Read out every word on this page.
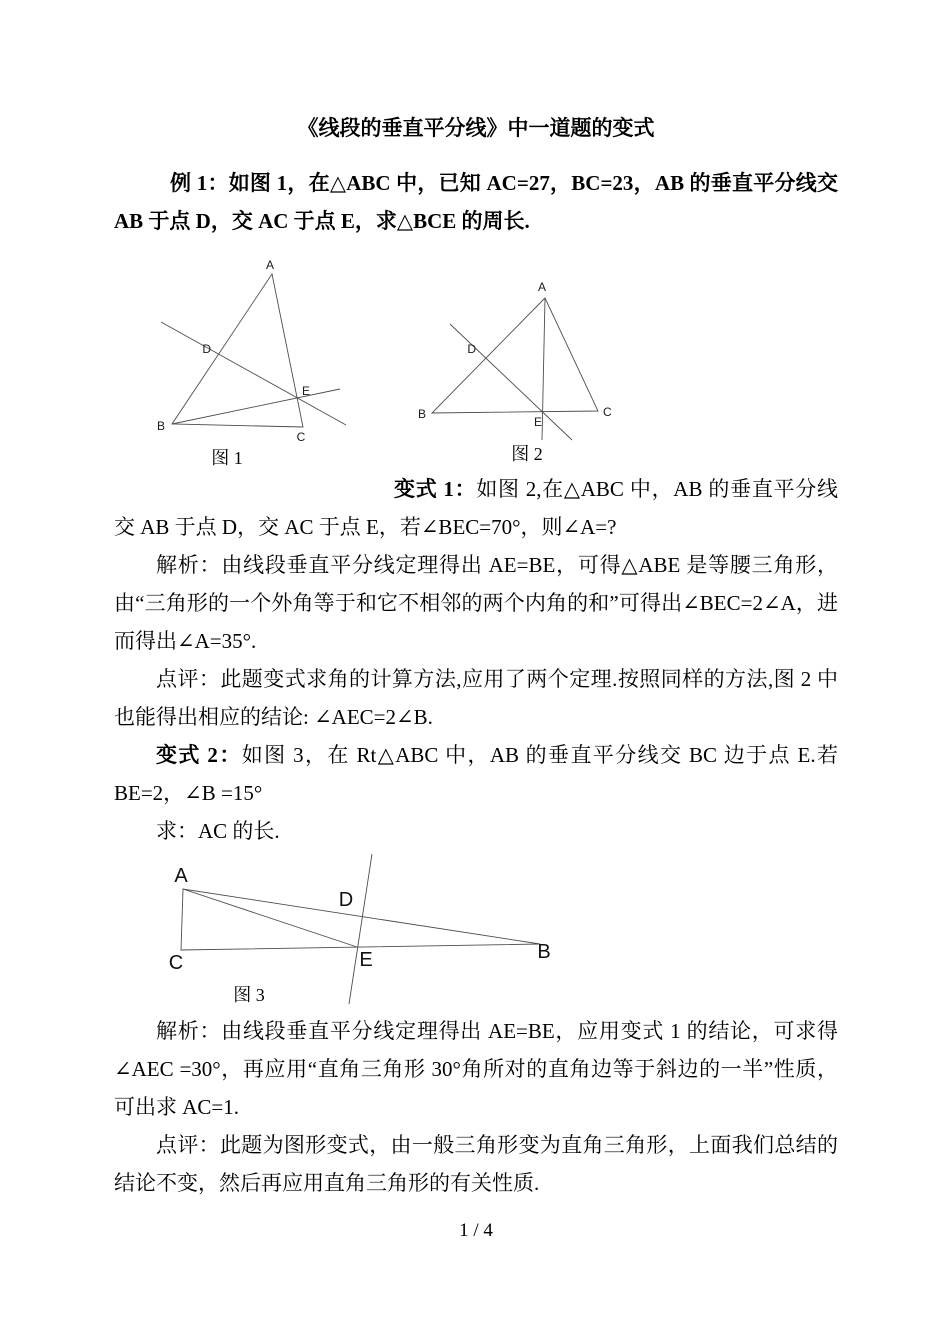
《线段的垂直平分线》中一道题的变式

例 1：如图 1，在△ABC 中，已知 AC=27，BC=23，AB 的垂直平分线交 AB 于点 D，交 AC 于点 E，求△BCE 的周长.

A
B
C
D
E
图 1
A
B	C
D
E
图 2

变式 1：如图 2,在△ABC 中，AB 的垂直平分线交 AB 于点 D，交 AC 于点 E，若∠BEC=70°，则∠A=?

解析：由线段垂直平分线定理得出 AE=BE，可得△ABE 是等腰三角形，由“三角形的一个外角等于和它不相邻的两个内角的和”可得出∠BEC=2∠A，进而得出∠A=35°.

点评：此题变式求角的计算方法,应用了两个定理.按照同样的方法,图 2 中也能得出相应的结论: ∠AEC=2∠B.

变式 2：如图 3，在 Rt△ABC 中，AB 的垂直平分线交 BC 边于点 E.若 BE=2，∠B =15°

求：AC 的长.

A
C	B
D
E
图 3

解析：由线段垂直平分线定理得出 AE=BE，应用变式 1 的结论，可求得∠AEC =30°，再应用“直角三角形 30°角所对的直角边等于斜边的一半”性质，可出求 AC=1.

点评：此题为图形变式，由一般三角形变为直角三角形，上面我们总结的结论不变，然后再应用直角三角形的有关性质.

1 / 4
